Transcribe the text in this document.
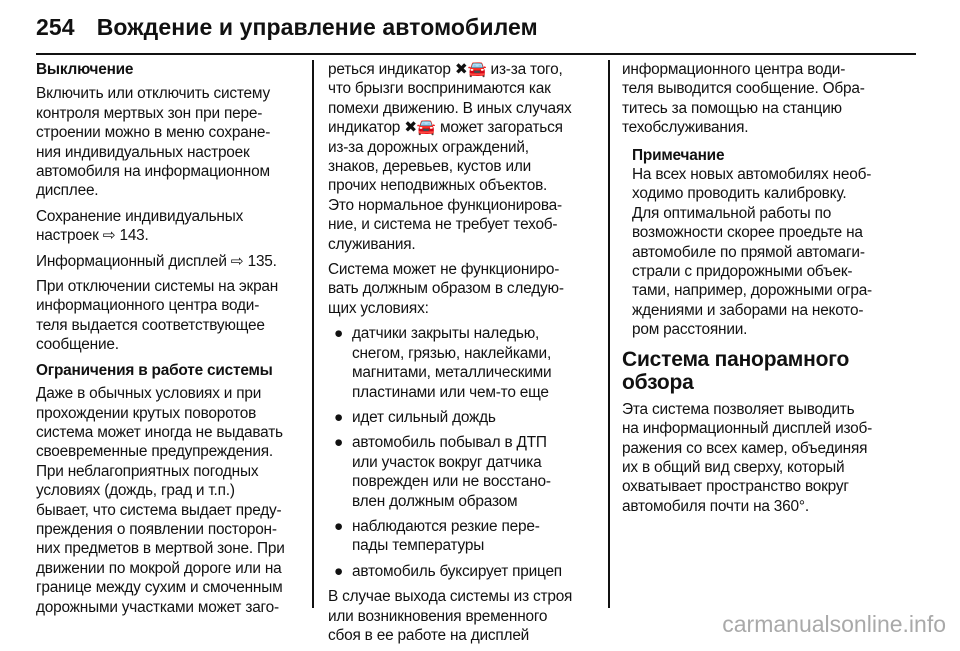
254 Вождение и управление автомобилем
Выключение
Включить или отключить систему
контроля мертвых зон при пере-
строении можно в меню сохране-
ния индивидуальных настроек
автомобиля на информационном
дисплее.
Сохранение индивидуальных
настроек ⇨ 143.
Информационный дисплей ⇨ 135.
При отключении системы на экран
информационного центра води-
теля выдается соответствующее
сообщение.
Ограничения в работе системы
Даже в обычных условиях и при
прохождении крутых поворотов
система может иногда не выдавать
своевременные предупреждения.
При неблагоприятных погодных
условиях (дождь, град и т.п.)
бывает, что система выдает преду-
преждения о появлении посторон-
них предметов в мертвой зоне. При
движении по мокрой дороге или на
границе между сухим и смоченным
дорожными участками может заго-
реться индикатор ✖🚘 из-за того,
что брызги воспринимаются как
помехи движению. В иных случаях
индикатор ✖🚘 может загораться
из-за дорожных ограждений,
знаков, деревьев, кустов или
прочих неподвижных объектов.
Это нормальное функционирова-
ние, и система не требует техоб-
служивания.
Система может не функциониро-
вать должным образом в следую-
щих условиях:
● датчики закрыты наледью,
снегом, грязью, наклейками,
магнитами, металлическими
пластинами или чем-то еще
● идет сильный дождь
● автомобиль побывал в ДТП
или участок вокруг датчика
поврежден или не восстано-
влен должным образом
● наблюдаются резкие пере-
пады температуры
● автомобиль буксирует прицеп
В случае выхода системы из строя
или возникновения временного
сбоя в ее работе на дисплей
информационного центра води-
теля выводится сообщение. Обра-
титесь за помощью на станцию
техобслуживания.
Примечание
На всех новых автомобилях необ-
ходимо проводить калибровку.
Для оптимальной работы по
возможности скорее проедьте на
автомобиле по прямой автомаги-
страли с придорожными объек-
тами, например, дорожными огра-
ждениями и заборами на некото-
ром расстоянии.
Система панорамного
обзора
Эта система позволяет выводить
на информационный дисплей изоб-
ражения со всех камер, объединяя
их в общий вид сверху, который
охватывает пространство вокруг
автомобиля почти на 360°.
carmanualsonline.info
